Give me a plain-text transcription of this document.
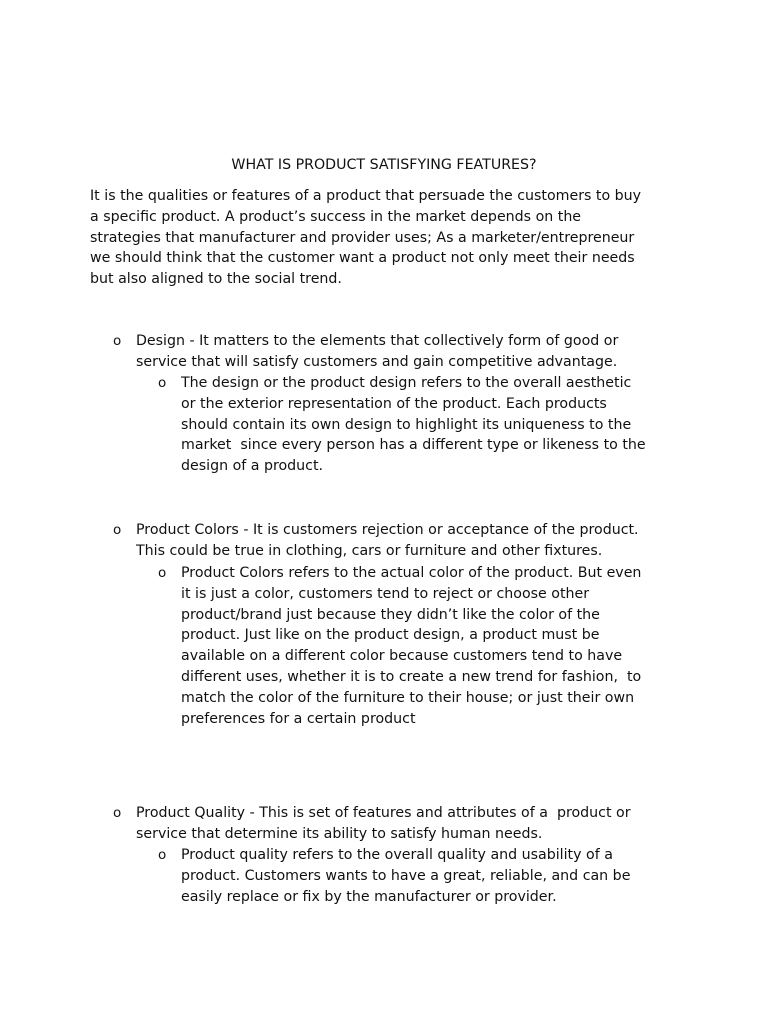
WHAT IS PRODUCT SATISFYING FEATURES?
It is the qualities or features of a product that persuade the customers to buy
a specific product. A product’s success in the market depends on the
strategies that manufacturer and provider uses; As a marketer/entrepreneur
we should think that the customer want a product not only meet their needs
but also aligned to the social trend.
o Design - It matters to the elements that collectively form of good or
service that will satisfy customers and gain competitive advantage.
o The design or the product design refers to the overall aesthetic
or the exterior representation of the product. Each products
should contain its own design to highlight its uniqueness to the
market  since every person has a different type or likeness to the
design of a product.
o Product Colors - It is customers rejection or acceptance of the product.
This could be true in clothing, cars or furniture and other fixtures.
o Product Colors refers to the actual color of the product. But even
it is just a color, customers tend to reject or choose other
product/brand just because they didn’t like the color of the
product. Just like on the product design, a product must be
available on a different color because customers tend to have
different uses, whether it is to create a new trend for fashion,  to
match the color of the furniture to their house; or just their own
preferences for a certain product
o Product Quality - This is set of features and attributes of a  product or
service that determine its ability to satisfy human needs.
o Product quality refers to the overall quality and usability of a
product. Customers wants to have a great, reliable, and can be
easily replace or fix by the manufacturer or provider.
